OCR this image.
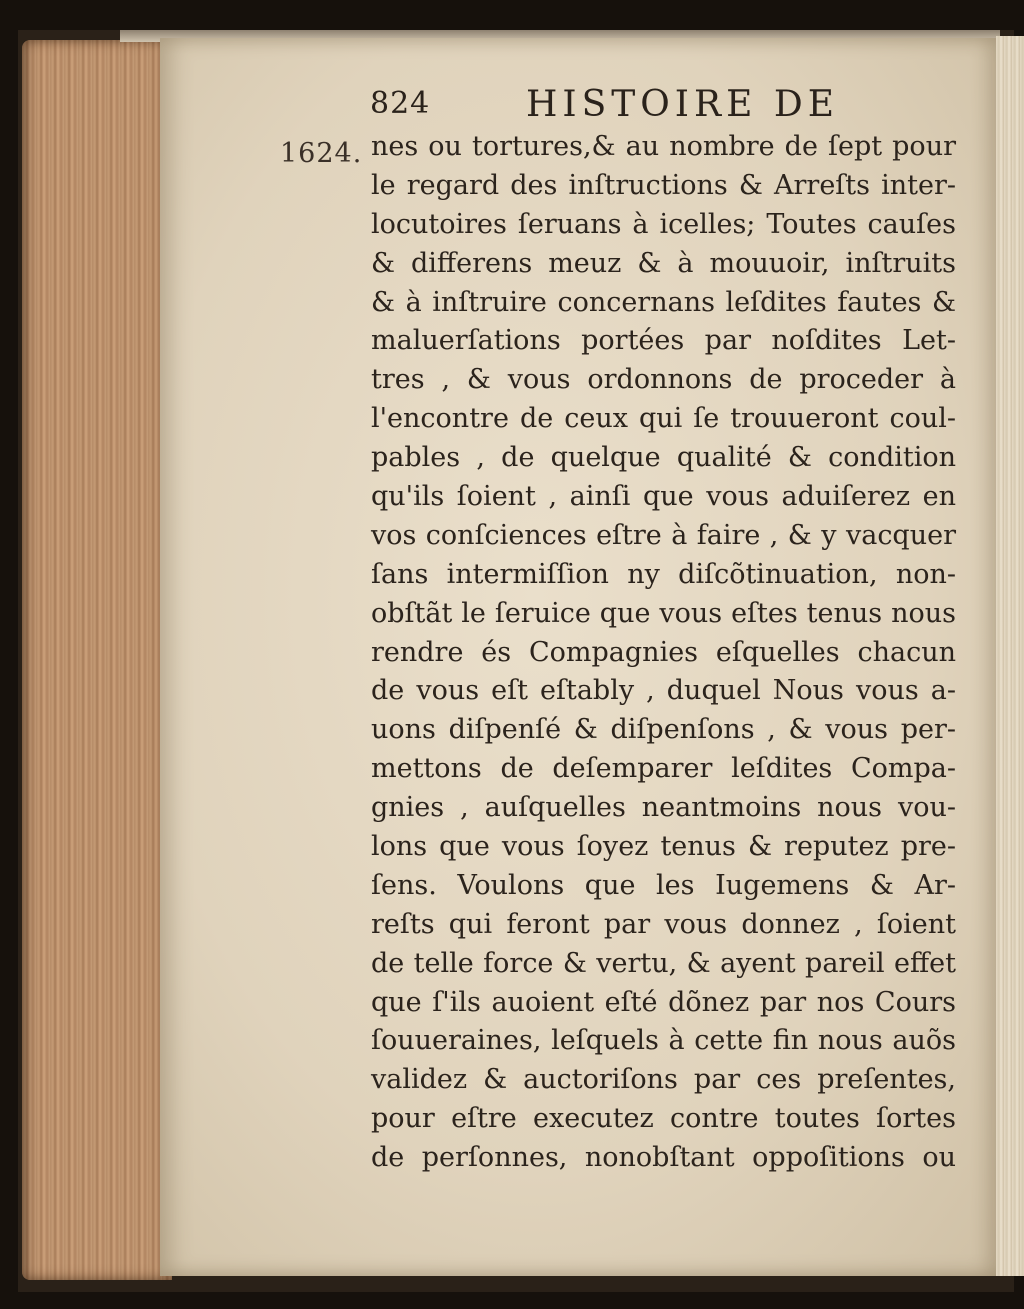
824	HISTOIRE DE
1624. nes ou tortures,& au nombre de ſept pour
le regard des inſtructions & Arreſts inter-
locutoires ſeruans à icelles; Toutes cauſes
& differens meuz & à mouuoir, inſtruits
& à inſtruire concernans leſdites fautes &
maluerſations portées par noſdites Let-
tres , & vous ordonnons de proceder à
l'encontre de ceux qui ſe trouueront coul-
pables , de quelque qualité & condition
qu'ils ſoient , ainſi que vous aduiſerez en
vos conſciences eſtre à faire , & y vacquer
ſans intermiſſion ny diſcõtinuation, non-
obſtãt le ſeruice que vous eſtes tenus nous
rendre és Compagnies eſquelles chacun
de vous eſt eſtably , duquel Nous vous a-
uons diſpenſé & diſpenſons , & vous per-
mettons de deſemparer leſdites Compa-
gnies , auſquelles neantmoins nous vou-
lons que vous ſoyez tenus & reputez pre-
ſens. Voulons que les Iugemens & Ar-
reſts qui feront par vous donnez , ſoient
de telle force & vertu, & ayent pareil effet
que ſ'ils auoient eſté dõnez par nos Cours
ſouueraines, leſquels à cette fin nous auõs
validez & auctoriſons par ces preſentes,
pour eſtre executez contre toutes ſortes
de perſonnes, nonobſtant oppoſitions ou
